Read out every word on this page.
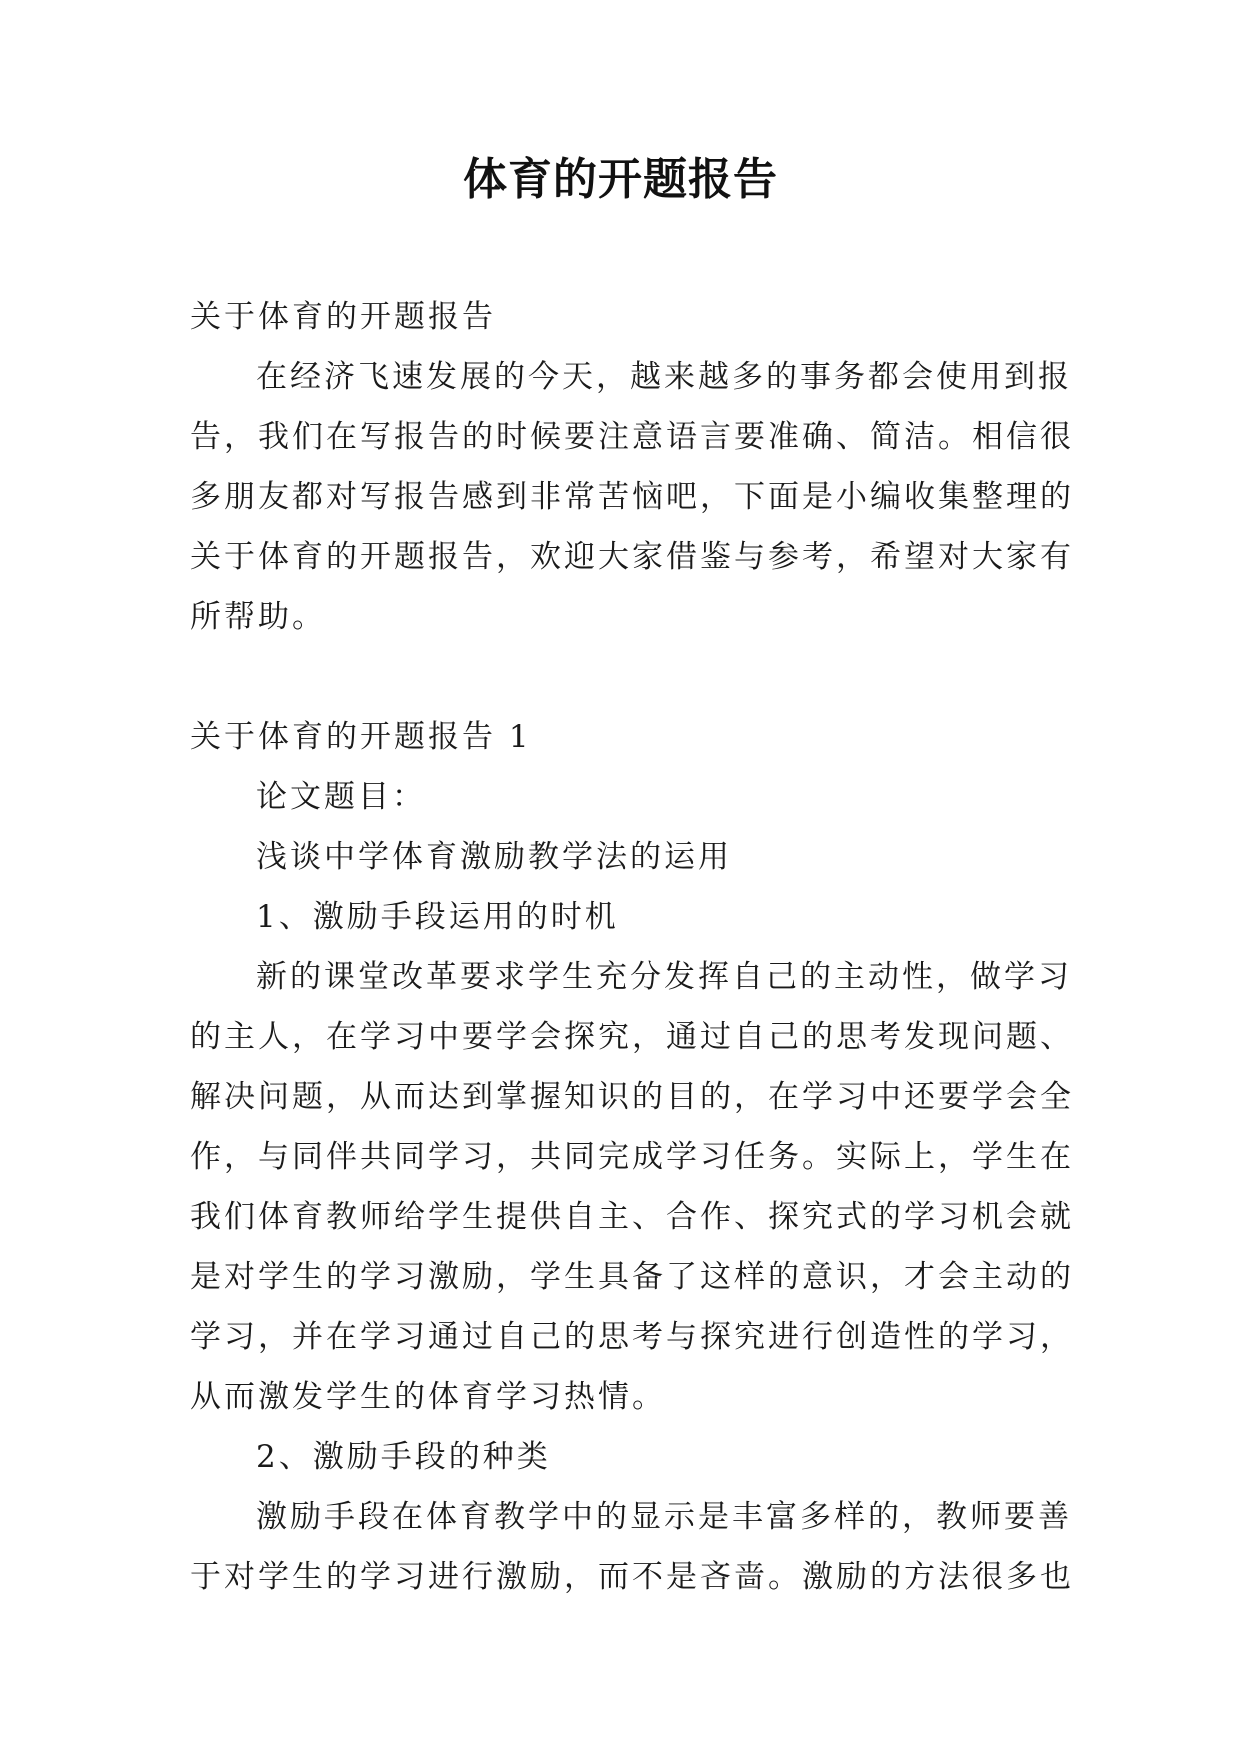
体育的开题报告
关于体育的开题报告
在经济飞速发展的今天，越来越多的事务都会使用到报
告，我们在写报告的时候要注意语言要准确、简洁。相信很
多朋友都对写报告感到非常苦恼吧，下面是小编收集整理的
关于体育的开题报告，欢迎大家借鉴与参考，希望对大家有
所帮助。
关于体育的开题报告 1
论文题目：
浅谈中学体育激励教学法的运用
1、激励手段运用的时机
新的课堂改革要求学生充分发挥自己的主动性，做学习
的主人，在学习中要学会探究，通过自己的思考发现问题、
解决问题，从而达到掌握知识的目的，在学习中还要学会全
作，与同伴共同学习，共同完成学习任务。实际上，学生在
我们体育教师给学生提供自主、合作、探究式的学习机会就
是对学生的学习激励，学生具备了这样的意识，才会主动的
学习，并在学习通过自己的思考与探究进行创造性的学习，
从而激发学生的体育学习热情。
2、激励手段的种类
激励手段在体育教学中的显示是丰富多样的，教师要善
于对学生的学习进行激励，而不是吝啬。激励的方法很多也
